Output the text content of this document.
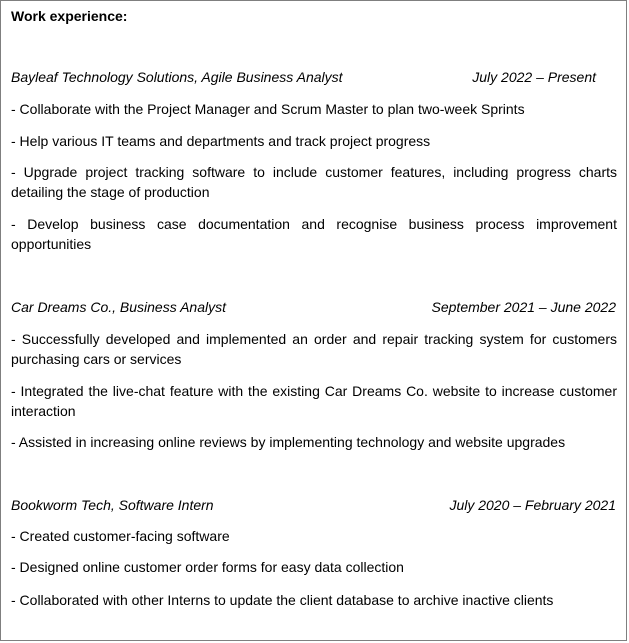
Work experience:
Bayleaf Technology Solutions, Agile Business Analyst	July 2022 – Present
- Collaborate with the Project Manager and Scrum Master to plan two-week Sprints
- Help various IT teams and departments and track project progress
- Upgrade project tracking software to include customer features, including progress charts detailing the stage of production
- Develop business case documentation and recognise business process improvement opportunities
Car Dreams Co., Business Analyst	September 2021 – June 2022
- Successfully developed and implemented an order and repair tracking system for customers purchasing cars or services
- Integrated the live-chat feature with the existing Car Dreams Co. website to increase customer interaction
- Assisted in increasing online reviews by implementing technology and website upgrades
Bookworm Tech, Software Intern	July 2020 – February 2021
- Created customer-facing software
- Designed online customer order forms for easy data collection
- Collaborated with other Interns to update the client database to archive inactive clients
